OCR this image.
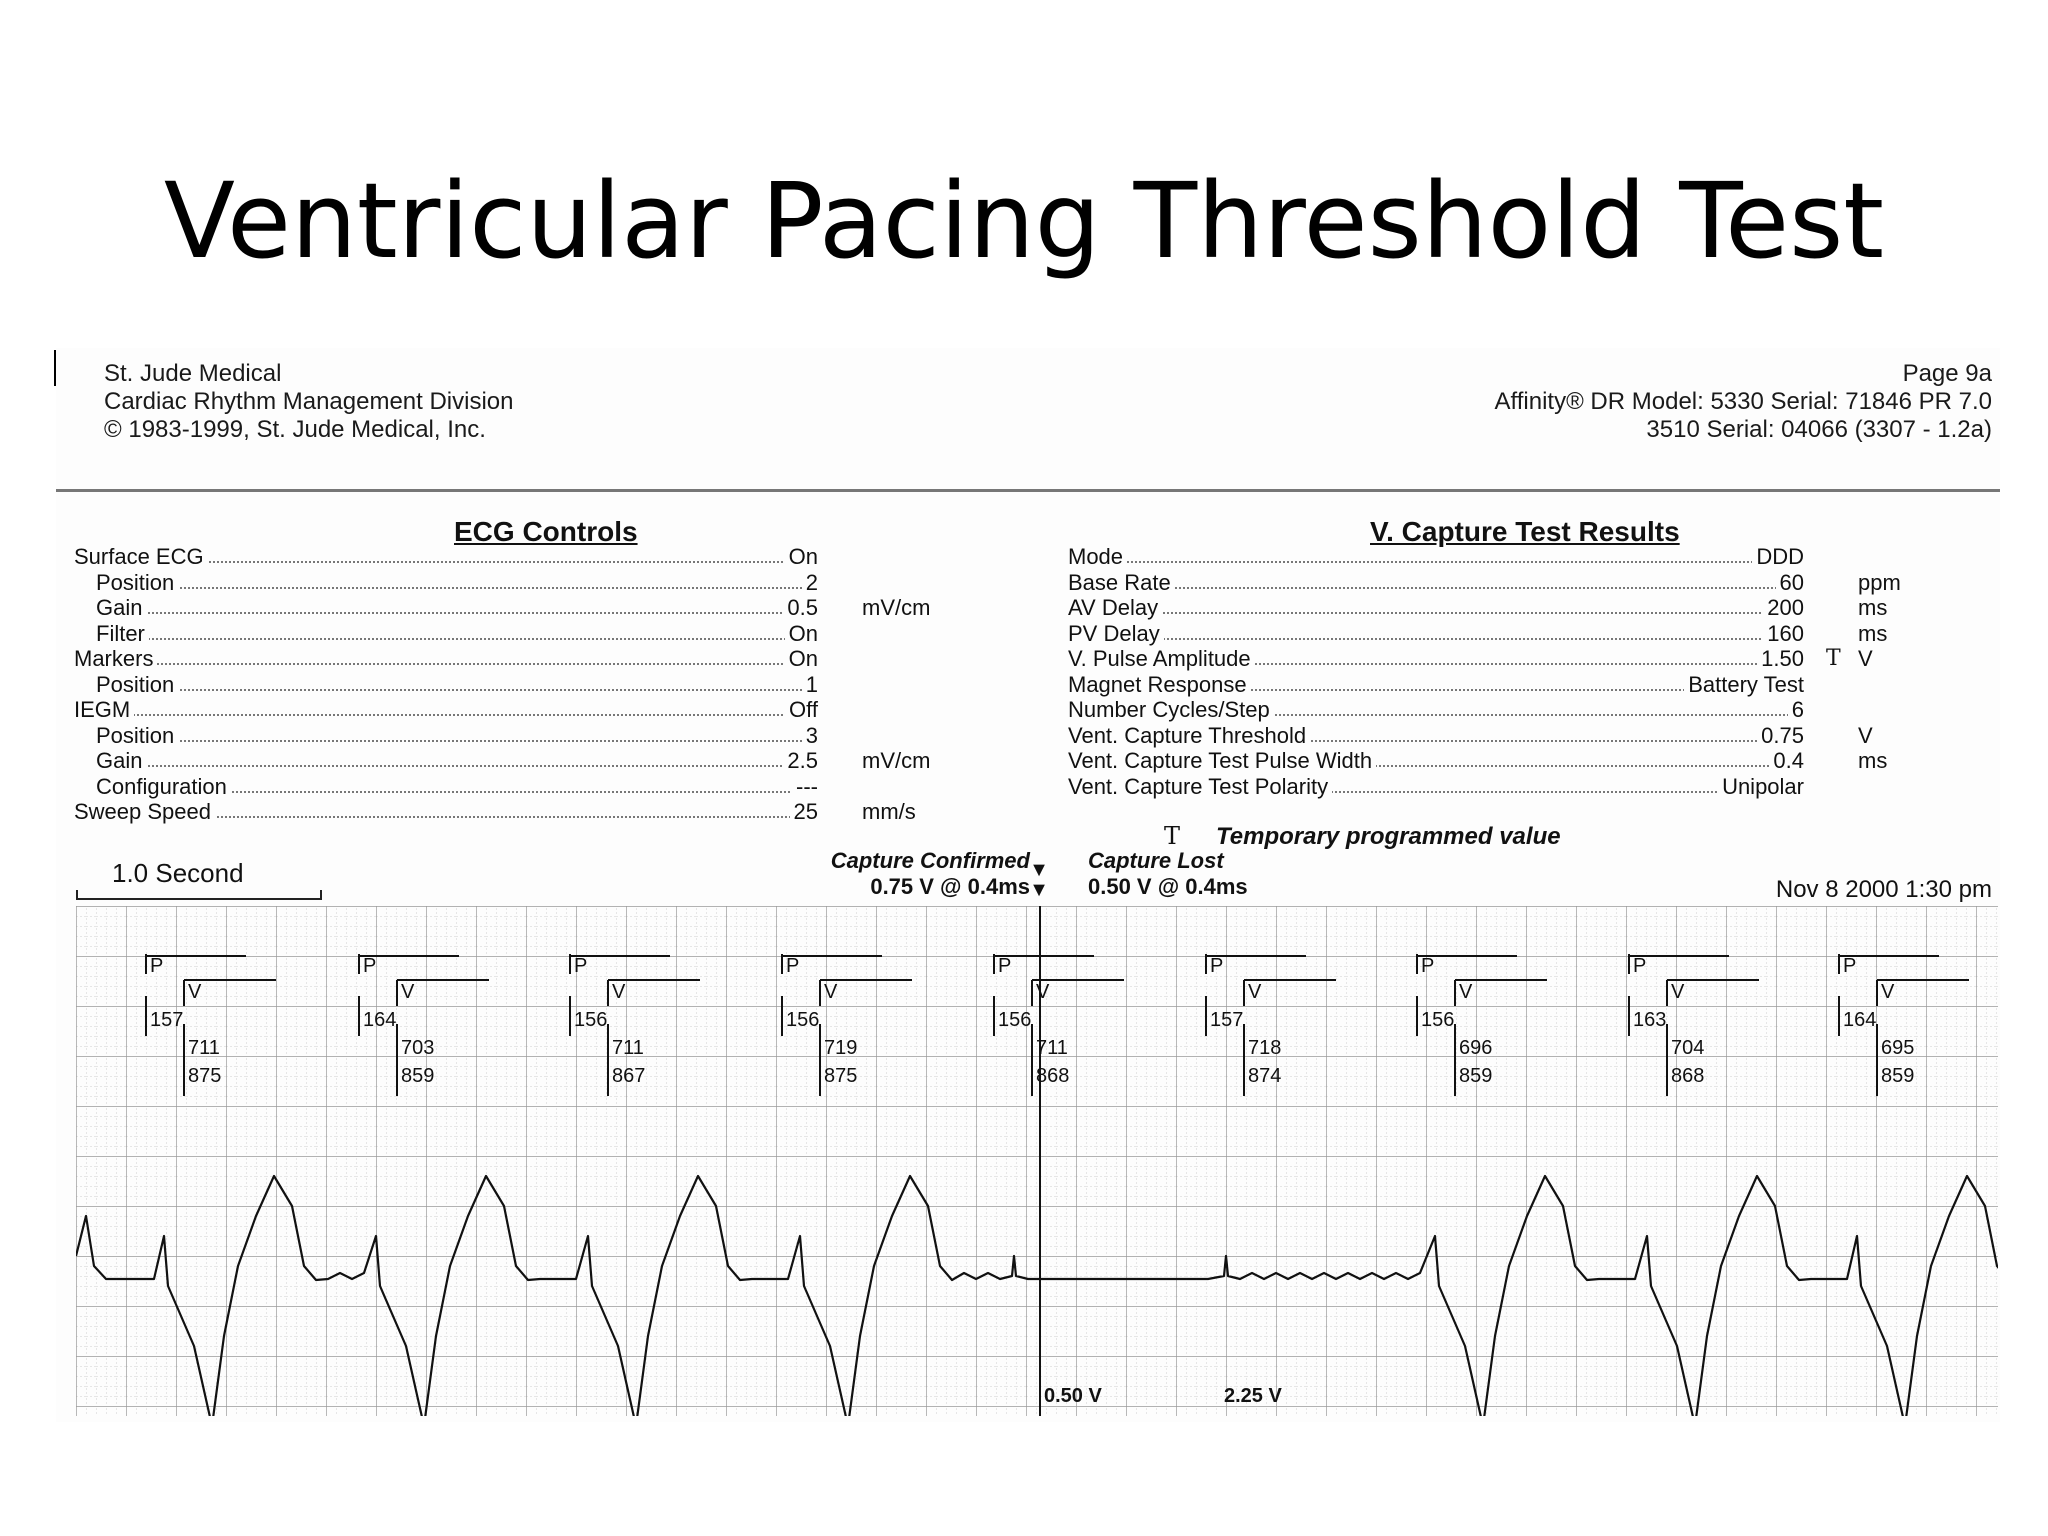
Ventricular Pacing Threshold Test
St. Jude Medical
Cardiac Rhythm Management Division
© 1983-1999, St. Jude Medical, Inc.
Page 9a
Affinity® DR Model: 5330 Serial: 71846 PR 7.0
3510 Serial: 04066 (3307 - 1.2a)
ECG Controls
Surface ECG	On
Position	2
Gain	0.5 mV/cm
Filter	On
Markers	On
Position	1
IEGM	Off
Position	3
Gain	2.5 mV/cm
Configuration	---
Sweep Speed	25 mm/s
V. Capture Test Results
Mode	DDD
Base Rate	60 ppm
AV Delay	200 ms
PV Delay	160 ms
V. Pulse Amplitude	1.50 T V
Magnet Response	Battery Test
Number Cycles/Step	6
Vent. Capture Threshold	0.75 V
Vent. Capture Test Pulse Width	0.4 ms
Vent. Capture Test Polarity	Unipolar
T Temporary programmed value
1.0 Second	Capture Confirmed
0.75 V @ 0.4ms
▼
▼
Capture Lost
0.50 V @ 0.4ms	Nov 8 2000 1:30 pm
P
V
157
711
875
P
V
164
703
859
P
V
156
711
867
P
V
156
719
875
P
V
156
711
868
P
V
157
718
874
P
V
156
696
859
P
V
163
704
868
P
V
164
695
859
0.50 V	2.25 V
